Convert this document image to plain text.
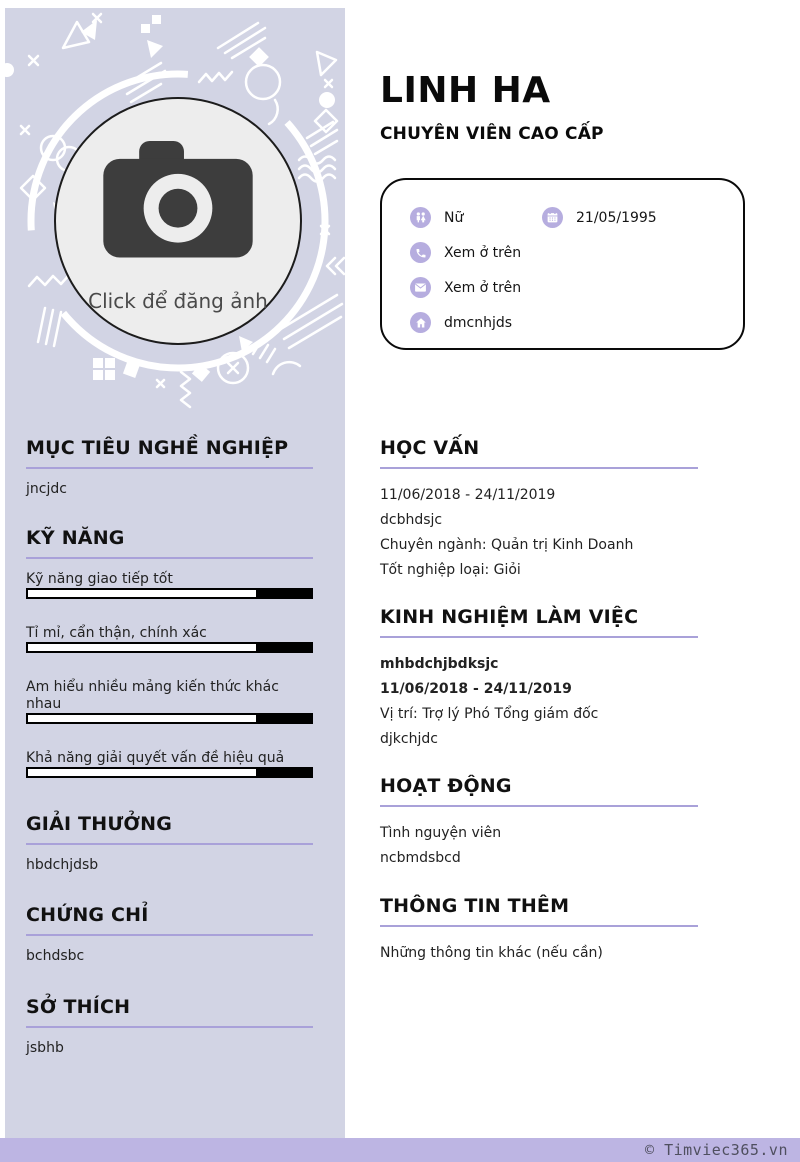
Click để đăng ảnh
MỤC TIÊU NGHỀ NGHIỆP

jncjdc

KỸ NĂNG

Kỹ năng giao tiếp tốt

Tỉ mỉ, cẩn thận, chính xác

Am hiểu nhiều mảng kiến thức khác nhau

Khả năng giải quyết vấn đề hiệu quả

GIẢI THƯỞNG

hbdchjdsb

CHỨNG CHỈ

bchdsbc

SỞ THÍCH

jsbhb

LINH HA
CHUYÊN VIÊN CAO CẤP
Nữ	21/05/1995
Xem ở trên
Xem ở trên
dmcnhjds
HỌC VẤN

11/06/2018 - 24/11/2019

dcbhdsjc

Chuyên ngành: Quản trị Kinh Doanh

Tốt nghiệp loại: Giỏi

KINH NGHIỆM LÀM VIỆC

mhbdchjbdksjc

11/06/2018 - 24/11/2019

Vị trí: Trợ lý Phó Tổng giám đốc

djkchjdc

HOẠT ĐỘNG

Tình nguyện viên

ncbmdsbcd

THÔNG TIN THÊM

Những thông tin khác (nếu cần)

© Timviec365.vn
